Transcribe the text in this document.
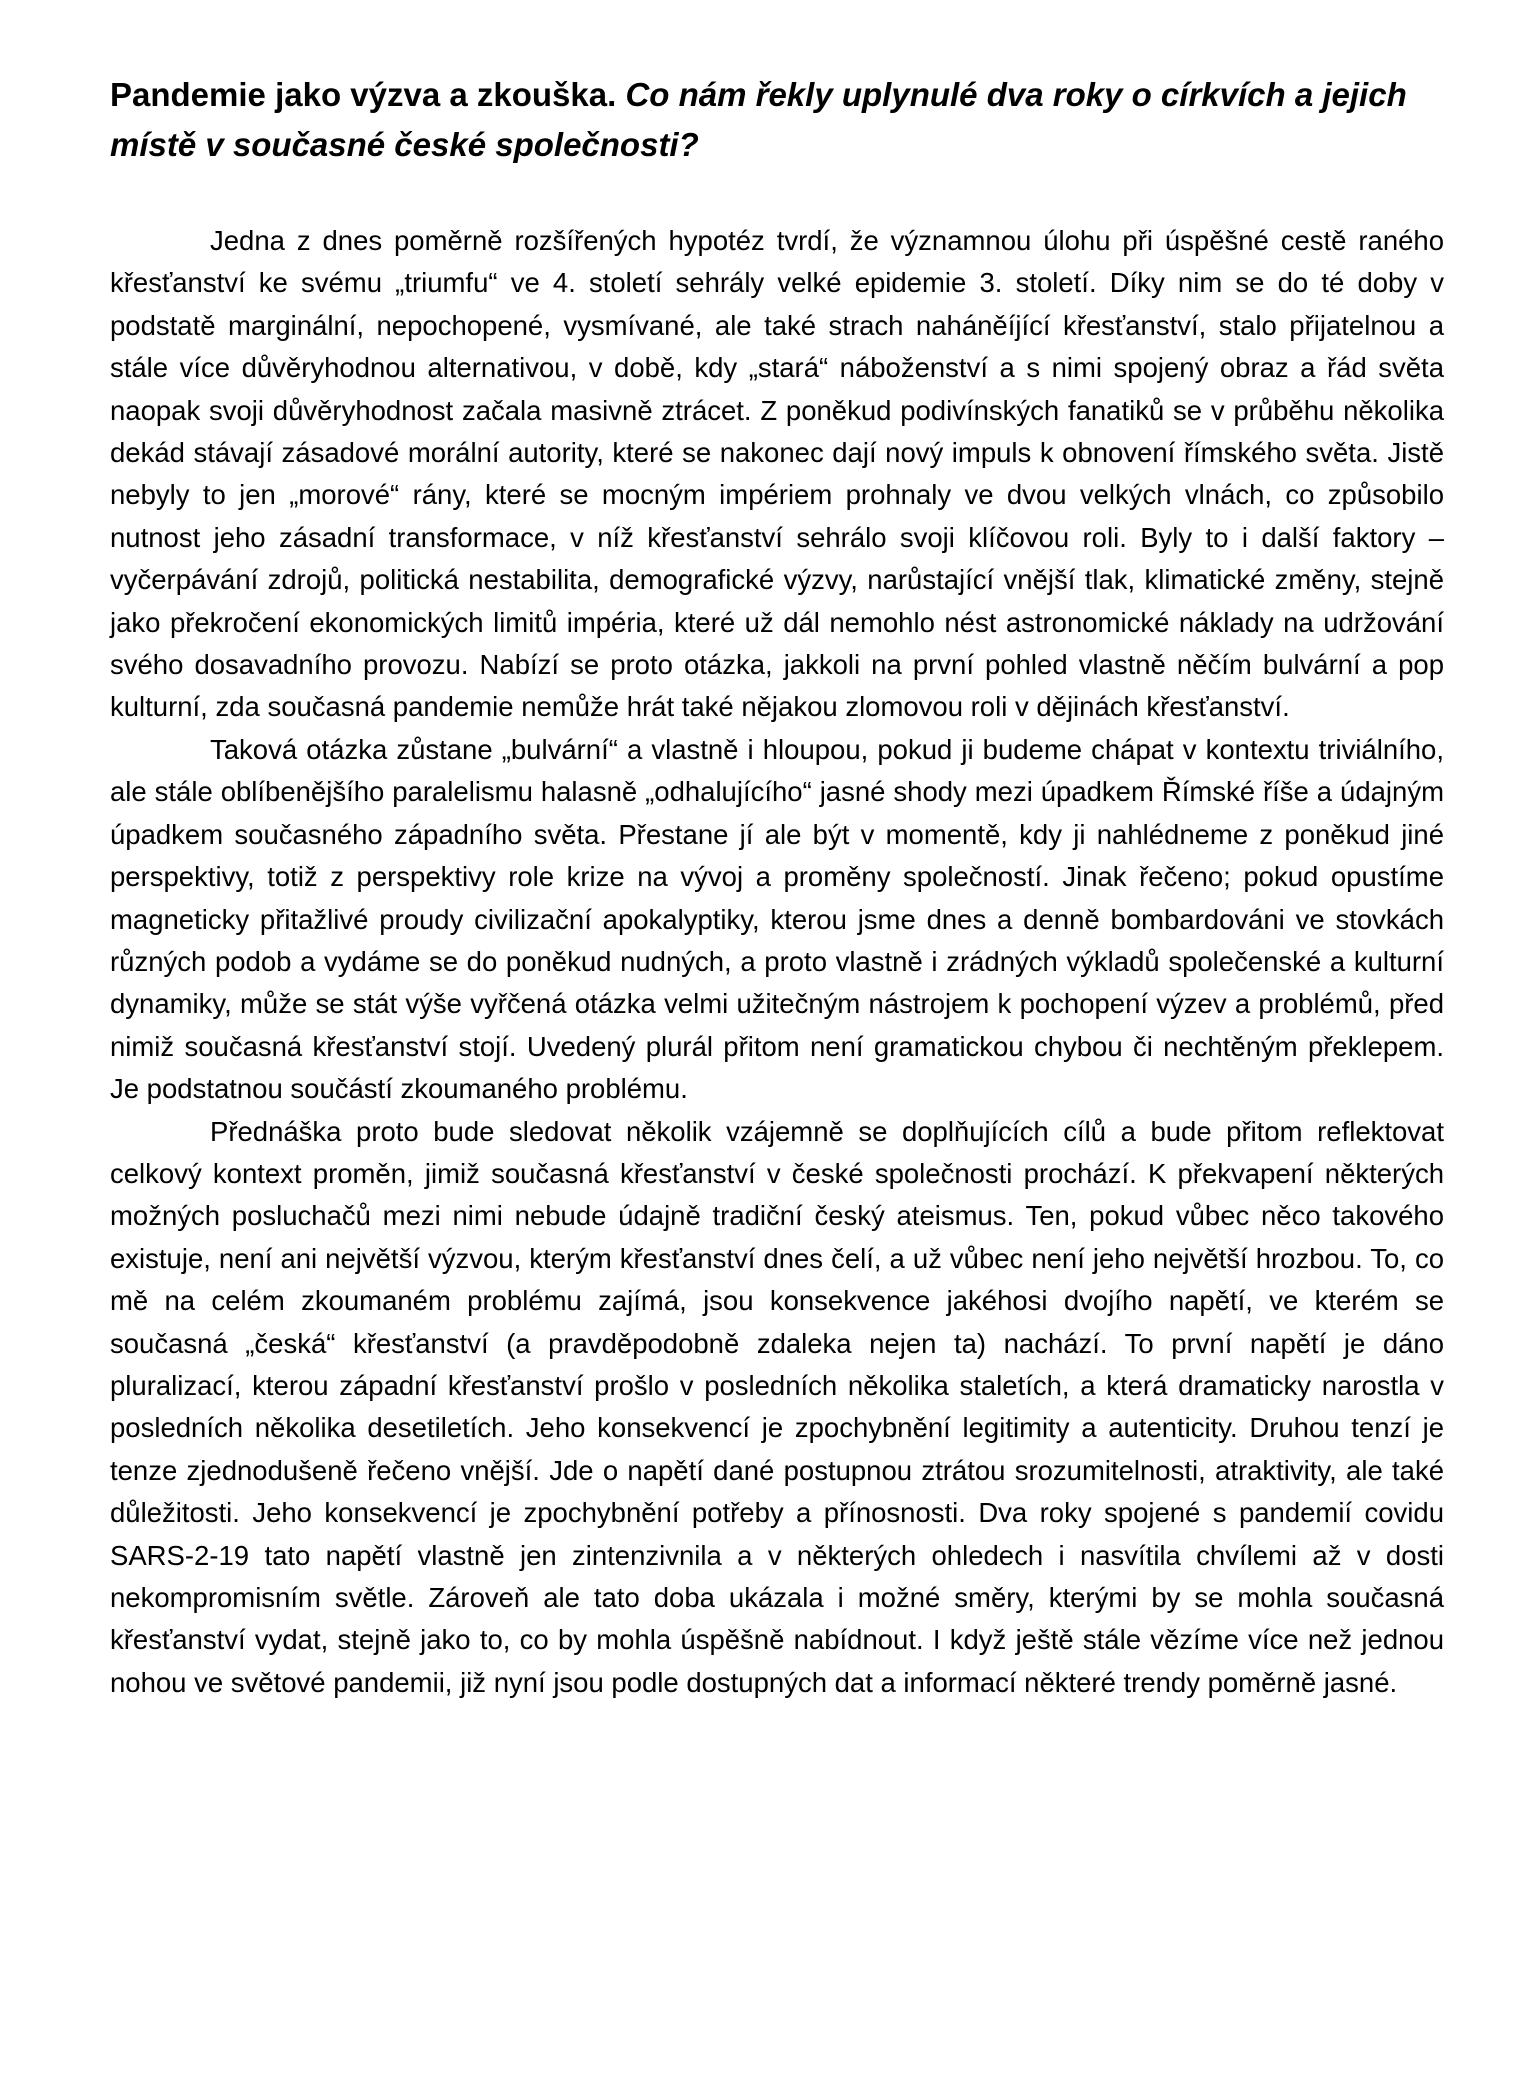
Pandemie jako výzva a zkouška. Co nám řekly uplynulé dva roky o církvích a jejich místě v současné české společnosti?

Jedna z dnes poměrně rozšířených hypotéz tvrdí, že významnou úlohu při úspěšné cestě raného křesťanství ke svému „triumfu“ ve 4. století sehrály velké epidemie 3. století. Díky nim se do té doby v podstatě marginální, nepochopené, vysmívané, ale také strach naháněíjící křesťanství, stalo přijatelnou a stále více důvěryhodnou alternativou, v době, kdy „stará“ náboženství a s nimi spojený obraz a řád světa naopak svoji důvěryhodnost začala masivně ztrácet. Z poněkud podivínských fanatiků se v průběhu několika dekád stávají zásadové morální autority, které se nakonec dají nový impuls k obnovení římského světa. Jistě nebyly to jen „morové“ rány, které se mocným impériem prohnaly ve dvou velkých vlnách, co způsobilo nutnost jeho zásadní transformace, v níž křesťanství sehrálo svoji klíčovou roli. Byly to i další faktory – vyčerpávání zdrojů, politická nestabilita, demografické výzvy, narůstající vnější tlak, klimatické změny, stejně jako překročení ekonomických limitů impéria, které už dál nemohlo nést astronomické náklady na udržování svého dosavadního provozu. Nabízí se proto otázka, jakkoli na první pohled vlastně něčím bulvární a pop kulturní, zda současná pandemie nemůže hrát také nějakou zlomovou roli v dějinách křesťanství.

Taková otázka zůstane „bulvární“ a vlastně i hloupou, pokud ji budeme chápat v kontextu triviálního, ale stále oblíbenějšího paralelismu halasně „odhalujícího“ jasné shody mezi úpadkem Římské říše a údajným úpadkem současného západního světa. Přestane jí ale být v momentě, kdy ji nahlédneme z poněkud jiné perspektivy, totiž z perspektivy role krize na vývoj a proměny společností. Jinak řečeno; pokud opustíme magneticky přitažlivé proudy civilizační apokalyptiky, kterou jsme dnes a denně bombardováni ve stovkách různých podob a vydáme se do poněkud nudných, a proto vlastně i zrádných výkladů společenské a kulturní dynamiky, může se stát výše vyřčená otázka velmi užitečným nástrojem k pochopení výzev a problémů, před nimiž současná křesťanství stojí. Uvedený plurál přitom není gramatickou chybou či nechtěným překlepem. Je podstatnou součástí zkoumaného problému.

Přednáška proto bude sledovat několik vzájemně se doplňujících cílů a bude přitom reflektovat celkový kontext proměn, jimiž současná křesťanství v české společnosti prochází. K překvapení některých možných posluchačů mezi nimi nebude údajně tradiční český ateismus. Ten, pokud vůbec něco takového existuje, není ani největší výzvou, kterým křesťanství dnes čelí, a už vůbec není jeho největší hrozbou. To, co mě na celém zkoumaném problému zajímá, jsou konsekvence jakéhosi dvojího napětí, ve kterém se současná „česká“ křesťanství (a pravděpodobně zdaleka nejen ta) nachází. To první napětí je dáno pluralizací, kterou západní křesťanství prošlo v posledních několika staletích, a která dramaticky narostla v posledních několika desetiletích. Jeho konsekvencí je zpochybnění legitimity a autenticity. Druhou tenzí je tenze zjednodušeně řečeno vnější. Jde o napětí dané postupnou ztrátou srozumitelnosti, atraktivity, ale také důležitosti. Jeho konsekvencí je zpochybnění potřeby a přínosnosti. Dva roky spojené s pandemií covidu SARS-2-19 tato napětí vlastně jen zintenzivnila a v některých ohledech i nasvítila chvílemi až v dosti nekompromisním světle. Zároveň ale tato doba ukázala i možné směry, kterými by se mohla současná křesťanství vydat, stejně jako to, co by mohla úspěšně nabídnout. I když ještě stále vězíme více než jednou nohou ve světové pandemii, již nyní jsou podle dostupných dat a informací některé trendy poměrně jasné.
